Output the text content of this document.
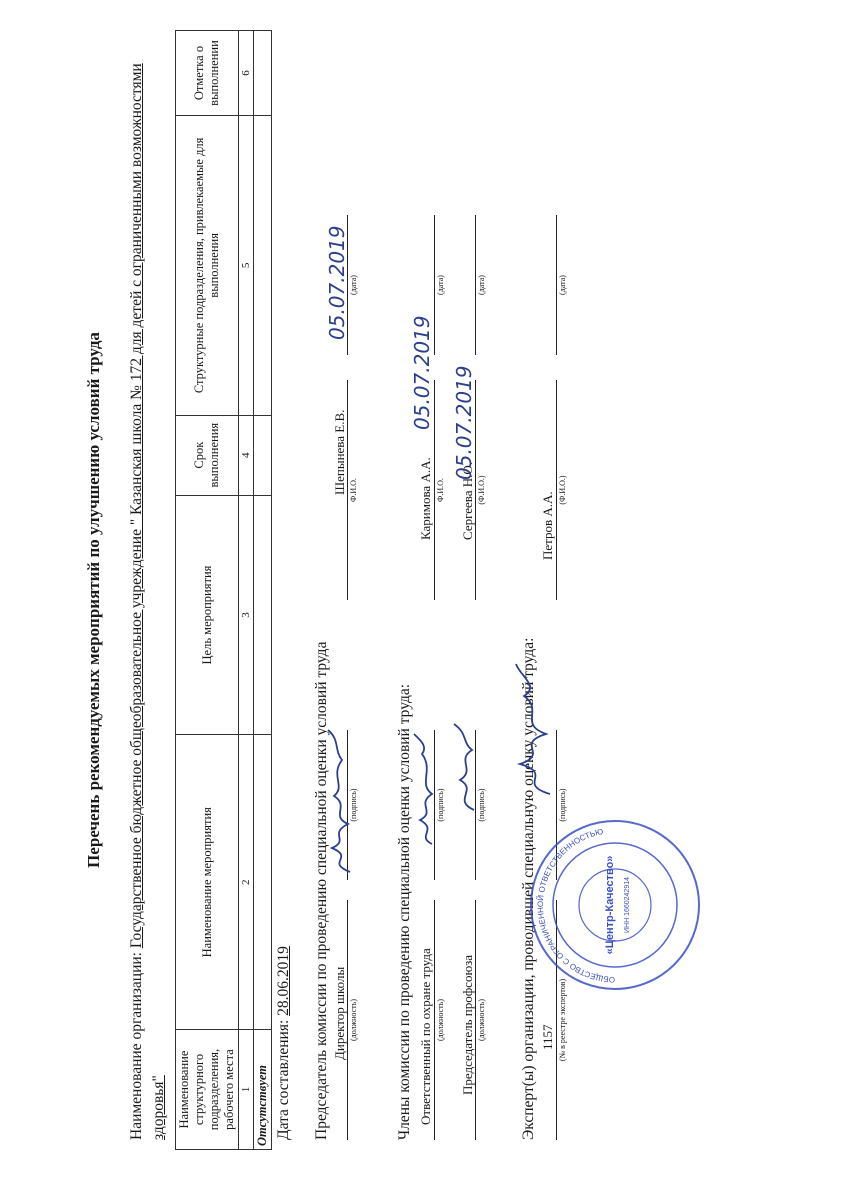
Перечень рекомендуемых мероприятий по улучшению условий труда
Наименование организации: Государственное бюджетное общеобразовательное учреждение " Казанская школа № 172 для детей с ограниченными возможностями здоровья" Наименование структурного подразделения, рабочего места	Наименование мероприятия	Цель мероприятия	Срок выполнения	Структурные подразделения, привлекаемые для выполнения	Отметка о выполнении
1	2	3	4	5	6
Отсутствует					Дата составления: 28.06.2019 Председатель комиссии по проведению специальной оценки условий труда Директор школы (должность)
(подпись)
Шепынева Е.В. Ф.И.О.
(дата)
05.07.2019
Члены комиссии по проведению специальной оценки условий труда: Ответственный по охране труда (должность)
(подпись)
Каримова А.А. Ф.И.О.
(дата)
05.07.2019
Председатель профсоюза (должность)
(подпись)
Сергеева Н.О. (Ф.И.О.)
(дата)
05.07.2019
Эксперт(ы) организации, проводившей специальную оценку условий труда: 1157 (№ в реестре экспертов)
(подпись)
Петров А.А.
(Ф.И.О.)
(дата)
ОБЩЕСТВО С ОГРАНИЧЕННОЙ ОТВЕТСТВЕННОСТЬЮ
«Центр-Качество» ИНН 1660242914
